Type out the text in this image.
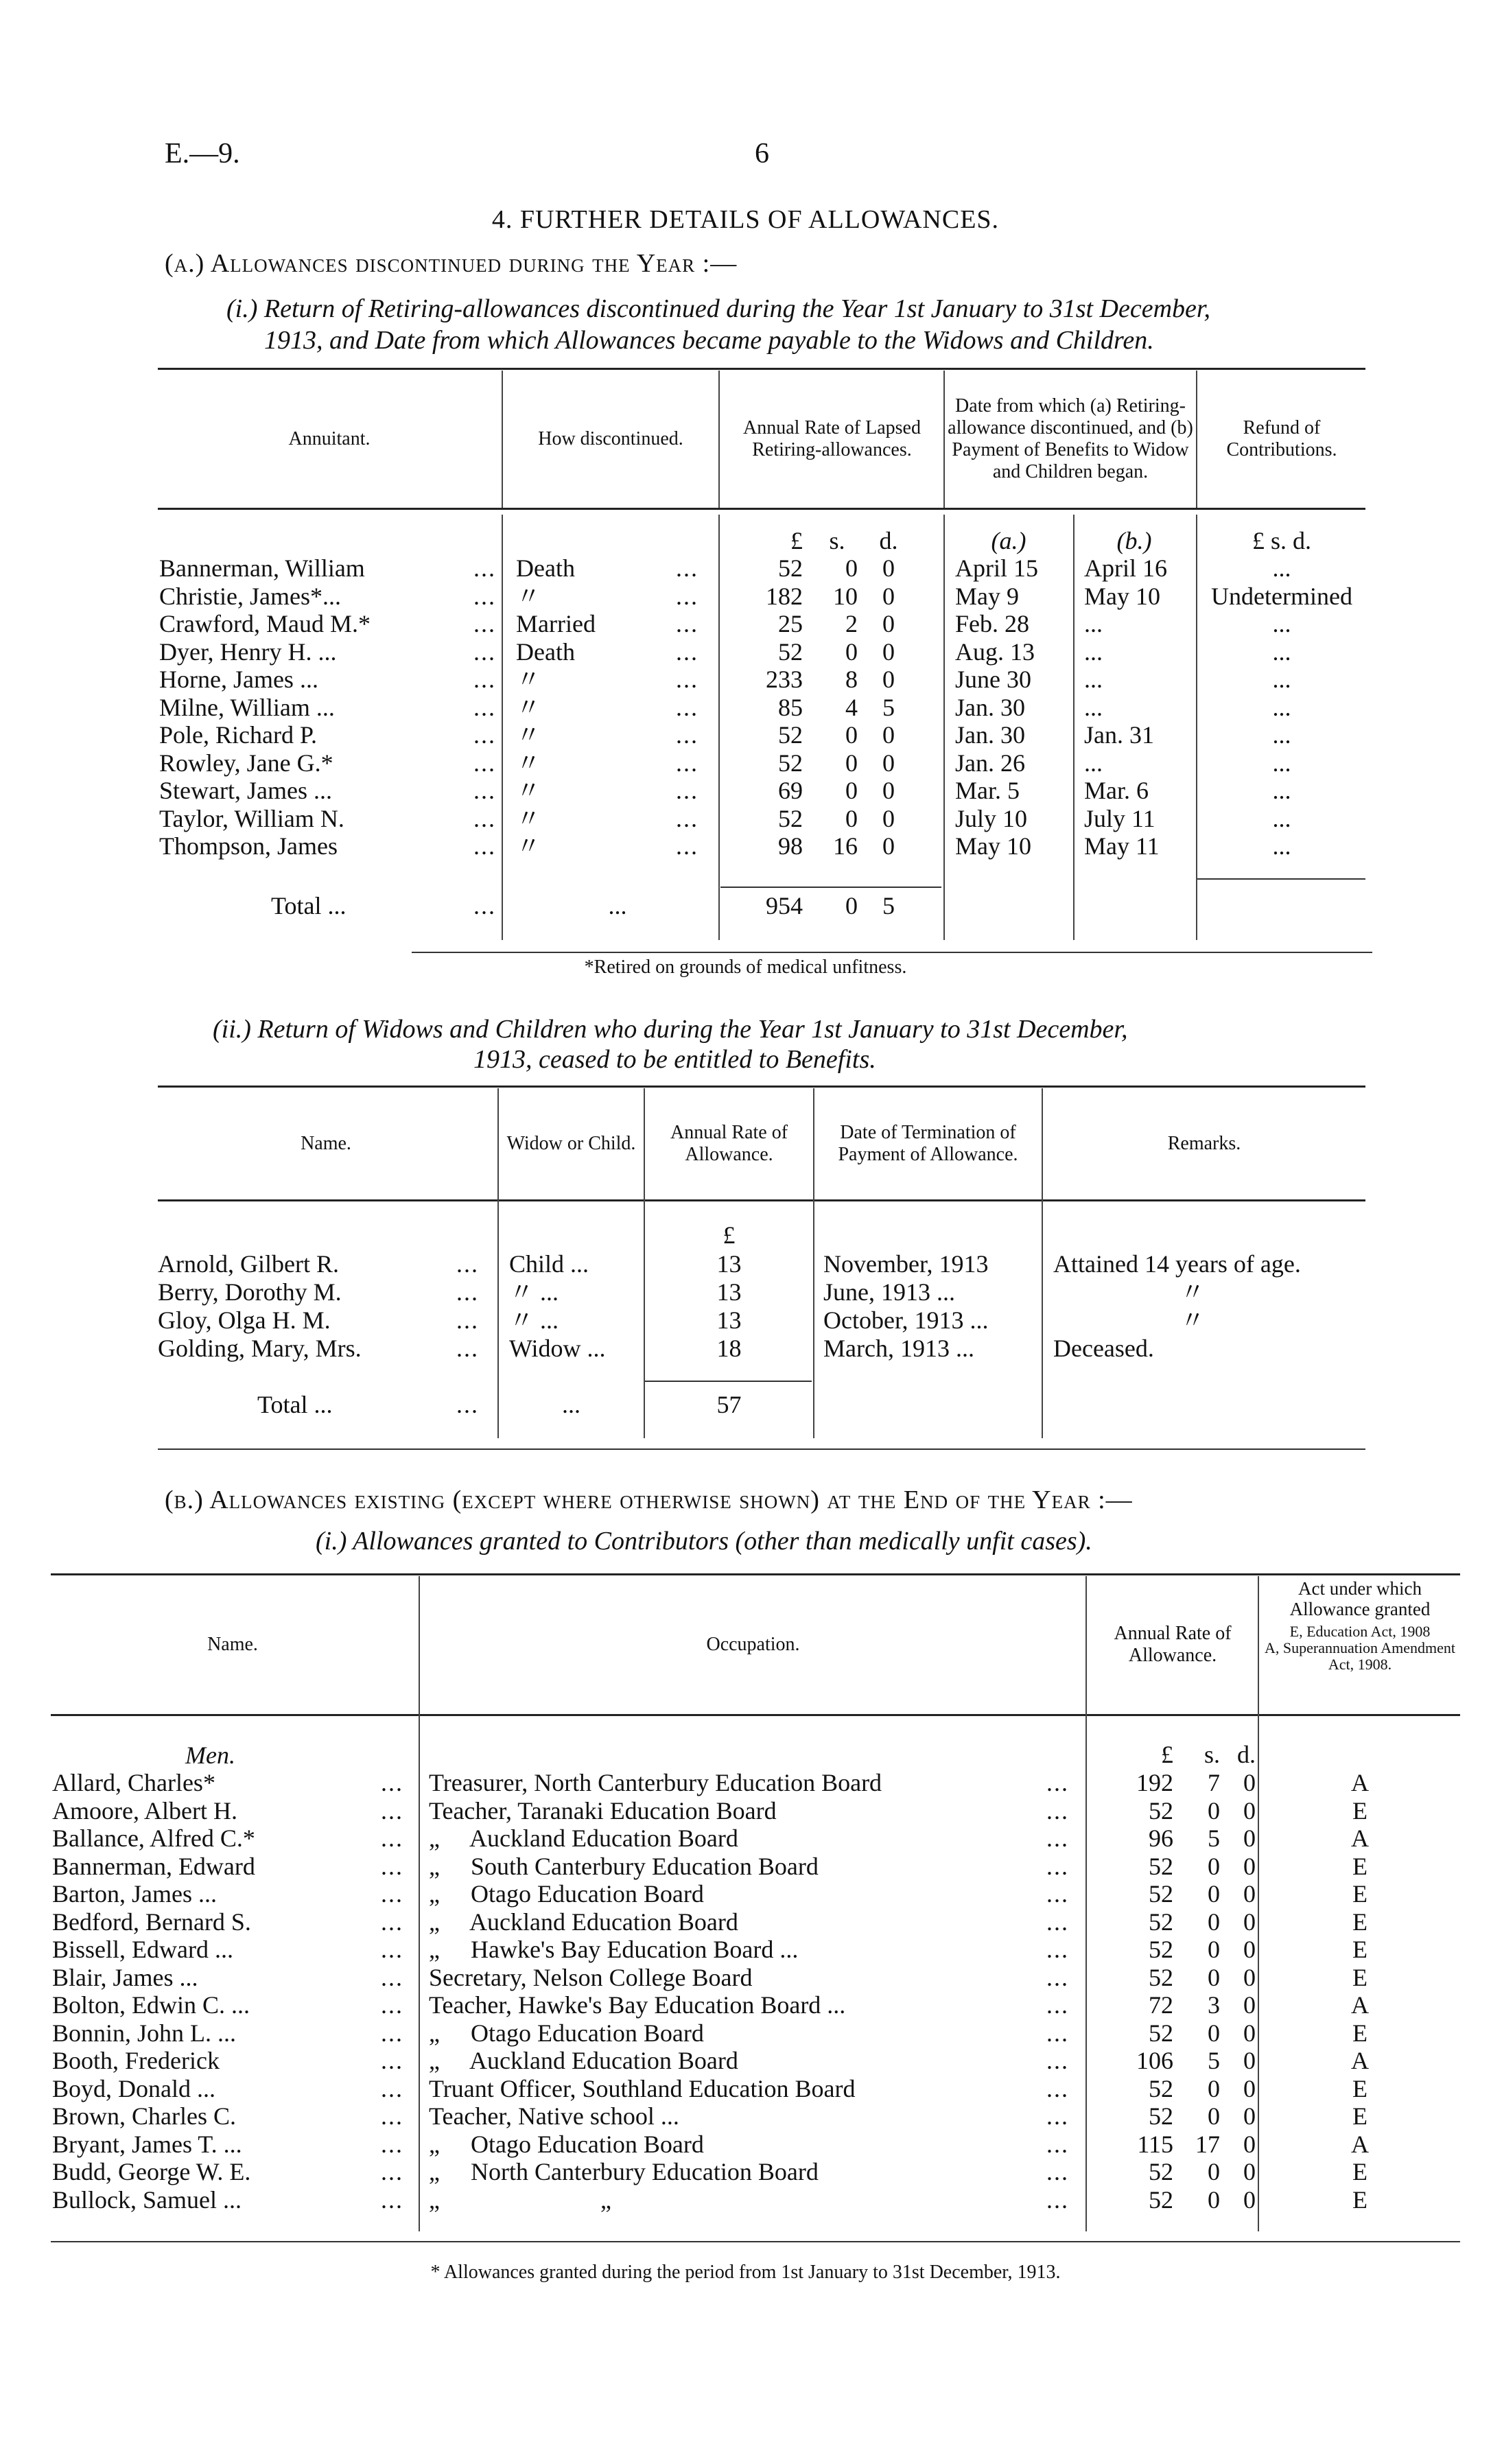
E.—9.	6
4. FURTHER DETAILS OF ALLOWANCES.
(a.) Allowances discontinued during the Year :—
(i.) Return of Retiring-allowances discontinued during the Year 1st January to 31st December,
1913, and Date from which Allowances became payable to the Widows and Children.
Annuitant.	How discontinued.
Annual Rate of Lapsed Retiring-allowances.
Date from which (a) Retiring-allowance discontinued, and (b) Payment of Benefits to Widow and Children began.
Refund of Contributions.
£	s.	d.	(a.)	(b.)	£ s. d.
Bannerman, William	... Death	...	52	0	0	April 15	April 16	...
Christie, James*...	... 〃	...	182	10	0	May 9	May 10	Undetermined
Crawford, Maud M.*	... Married	...	25	2	0	Feb. 28	...	...
Dyer, Henry H. ...	... Death	...	52	0	0	Aug. 13	...	...
Horne, James ...	... 〃	...	233	8	0	June 30	...	...
Milne, William ...	... 〃	...	85	4	5	Jan. 30	...	...
Pole, Richard P.	... 〃	...	52	0	0	Jan. 30	Jan. 31	...
Rowley, Jane G.*	... 〃	...	52	0	0	Jan. 26	...	...
Stewart, James ...	... 〃	...	69	0	0	Mar. 5	Mar. 6	...
Taylor, William N.	... 〃	...	52	0	0	July 10	July 11	...
Thompson, James	... 〃	...	98	16	0	May 10	May 11	...
Total ...	...	...	954	0	5
*Retired on grounds of medical unfitness.
(ii.) Return of Widows and Children who during the Year 1st January to 31st December,
1913, ceased to be entitled to Benefits.
Name.	Widow or Child.
Annual Rate of Allowance.
Date of Termination of Payment of Allowance.
Remarks.
£
Arnold, Gilbert R.	... Child ...	13	November, 1913	Attained 14 years of age.
Berry, Dorothy M.	... 〃 ...	13	June, 1913 ...	〃
Gloy, Olga H. M.	... 〃 ...	13	October, 1913 ...	〃
Golding, Mary, Mrs.	... Widow ...	18	March, 1913 ...	Deceased.
Total ...	...	...	57
(b.) Allowances existing (except where otherwise shown) at the End of the Year :—
(i.) Allowances granted to Contributors (other than medically unfit cases).
Name.	Occupation.
Annual Rate of Allowance.
Act under which Allowance granted
E, Education Act, 1908
A, Superannuation Amendment Act, 1908.
Men.	£	s. d.
Allard, Charles*	... Treasurer, North Canterbury Education Board	...	192	7 0	A
Amoore, Albert H.	... Teacher, Taranaki Education Board	...	52	0 0	E
Ballance, Alfred C.*	... „     Auckland Education Board	...	96	5 0	A
Bannerman, Edward	... „     South Canterbury Education Board	...	52	0 0	E
Barton, James ...	... „     Otago Education Board	...	52	0 0	E
Bedford, Bernard S.	... „     Auckland Education Board	...	52	0 0	E
Bissell, Edward ...	... „     Hawke's Bay Education Board ...	...	52	0 0	E
Blair, James ...	... Secretary, Nelson College Board	...	52	0 0	E
Bolton, Edwin C. ...	... Teacher, Hawke's Bay Education Board ...	...	72	3 0	A
Bonnin, John L. ...	... „     Otago Education Board	...	52	0 0	E
Booth, Frederick	... „     Auckland Education Board	...	106	5 0	A
Boyd, Donald ...	... Truant Officer, Southland Education Board	...	52	0 0	E
Brown, Charles C.	... Teacher, Native school ...	...	52	0 0	E
Bryant, James T. ...	... „     Otago Education Board	...	115 17 0	A
Budd, George W. E.	... „     North Canterbury Education Board	...	52	0 0	E
Bullock, Samuel ...	... „                          „	...	52	0 0	E
* Allowances granted during the period from 1st January to 31st December, 1913.
